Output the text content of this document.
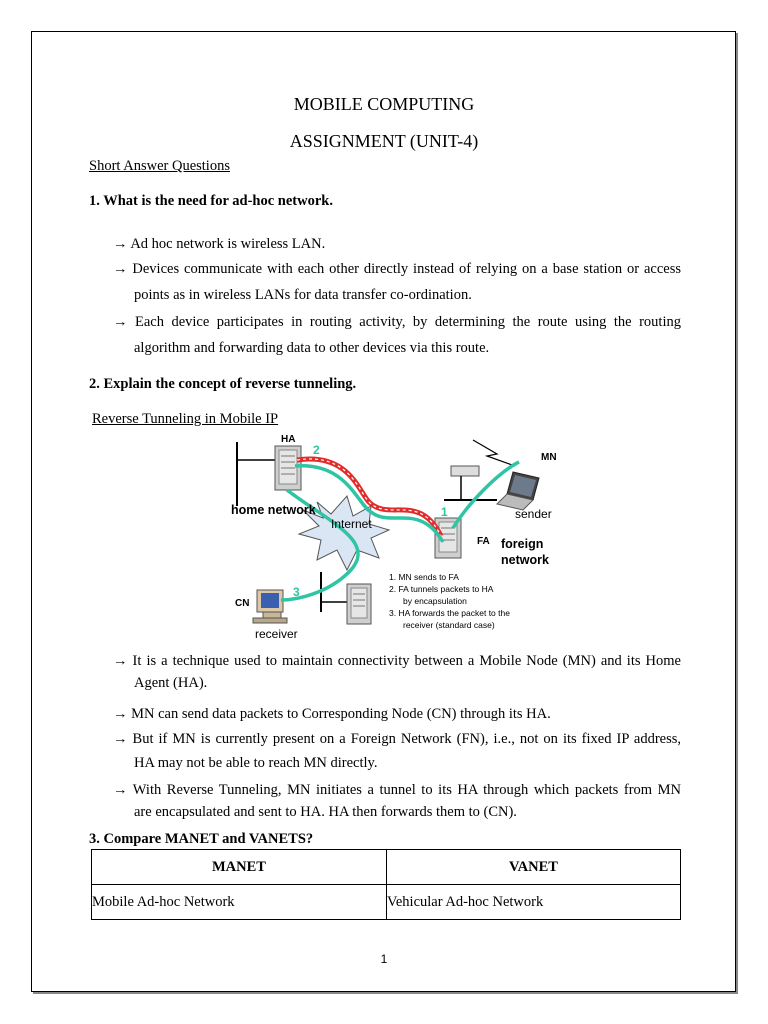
MOBILE COMPUTING
ASSIGNMENT (UNIT-4)
Short Answer Questions
1. What is the need for ad-hoc network.
→ Ad hoc network is wireless LAN.
→ Devices communicate with each other directly instead of relying on a base station or access
points as in wireless LANs for data transfer co-ordination.
→ Each device participates in routing activity, by determining the route using the routing
algorithm and forwarding data to other devices via this route.
2. Explain the concept of reverse tunneling.
Reverse Tunneling in Mobile IP
HA
2
home network
Internet
MN
sender
1
FA foreign
network
CN
3
receiver
1. MN sends to FA
2. FA tunnels packets to HA
by encapsulation
3. HA forwards the packet to the
receiver (standard case)
→ It is a technique used to maintain connectivity between a Mobile Node (MN) and its Home
Agent (HA).
→ MN can send data packets to Corresponding Node (CN) through its HA.
→ But if MN is currently present on a Foreign Network (FN), i.e., not on its fixed IP address,
HA may not be able to reach MN directly.
→ With Reverse Tunneling, MN initiates a tunnel to its HA through which packets from MN
are encapsulated and sent to HA. HA then forwards them to (CN).
3. Compare MANET and VANETS?
MANET	VANET
Mobile Ad-hoc Network	Vehicular Ad-hoc Network
1
